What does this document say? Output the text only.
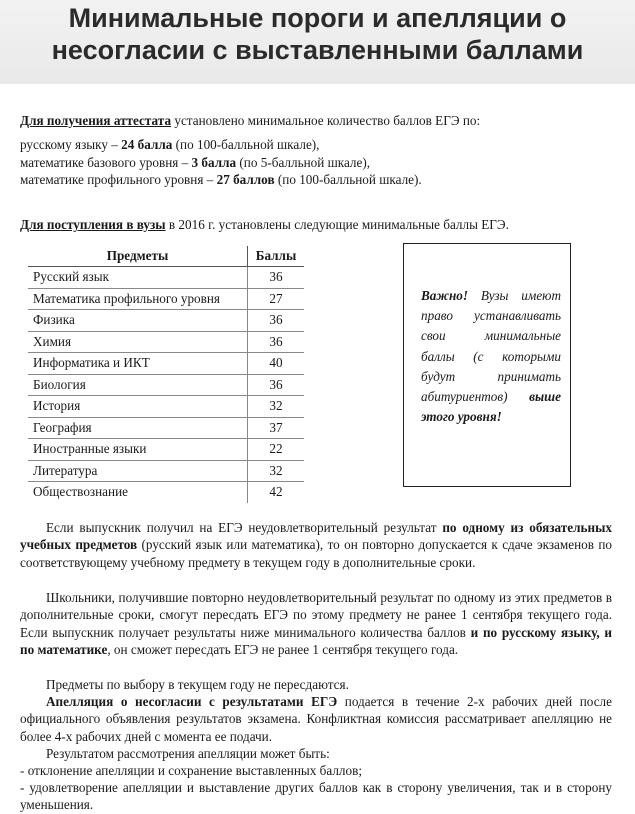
Минимальные пороги и апелляции о
несогласии с выставленными баллами

Для получения аттестата установлено минимальное количество баллов ЕГЭ по:

русскому языку – 24 балла (по 100-балльной шкале),

математике базового уровня – 3 балла (по 5-балльной шкале),

математике профильного уровня – 27 баллов (по 100-балльной шкале).

Для поступления в вузы в 2016 г. установлены следующие минимальные баллы ЕГЭ.

Предметы	Баллы
Русский язык	36
Математика профильного уровня	27
Физика	36
Химия	36
Информатика и ИКТ	40
Биология	36
История	32
География	37
Иностранные языки	22
Литература	32
Обществознание	42
Важно! Вузы имеют право устанавливать свои минимальные баллы (с которыми будут принимать абитуриентов) выше этого уровня!

Если выпускник получил на ЕГЭ неудовлетворительный результат по одному из обязательных учебных предметов (русский язык или математика), то он повторно допускается к сдаче экзаменов по соответствующему учебному предмету в текущем году в дополнительные сроки.

Школьники, получившие повторно неудовлетворительный результат по одному из этих предметов в дополнительные сроки, смогут пересдать ЕГЭ по этому предмету не ранее 1 сентября текущего года. Если выпускник получает результаты ниже минимального количества баллов и по русскому языку, и по математике, он сможет пересдать ЕГЭ не ранее 1 сентября текущего года.

Предметы по выбору в текущем году не пересдаются.

Апелляция о несогласии с результатами ЕГЭ подается в течение 2-х рабочих дней после официального объявления результатов экзамена. Конфликтная комиссия рассматривает апелляцию не более 4-х рабочих дней с момента ее подачи.

Результатом рассмотрения апелляции может быть:

- отклонение апелляции и сохранение выставленных баллов;

- удовлетворение апелляции и выставление других баллов как в сторону увеличения, так и в сторону уменьшения.
